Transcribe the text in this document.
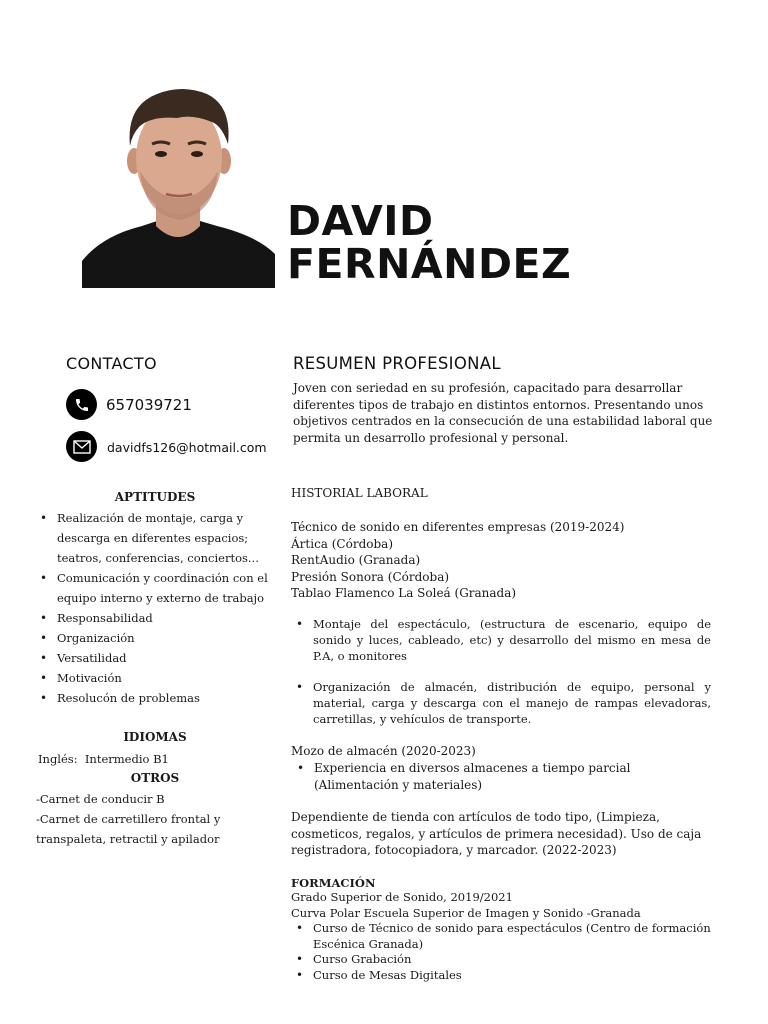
DAVID
FERNÁNDEZ
CONTACTO
657039721
davidfs126@hotmail.com
APTITUDES
• Realización de montaje, carga y descarga en diferentes espacios; teatros, conferencias, conciertos...
• Comunicación y coordinación con el equipo interno y externo de trabajo
• Responsabilidad
• Organización
• Versatilidad
• Motivación
• Resolucón de problemas
IDIOMAS
Inglés:  Intermedio B1
OTROS
-Carnet de conducir B
-Carnet de carretillero frontal y transpaleta, retractil y apilador
RESUMEN PROFESIONAL
Joven con seriedad en su profesión, capacitado para desarrollar diferentes tipos de trabajo en distintos entornos. Presentando unos objetivos centrados en la consecución de una estabilidad laboral que permita un desarrollo profesional y personal.
HISTORIAL LABORAL
Técnico de sonido en diferentes empresas (2019-2024)
Ártica (Córdoba)
RentAudio (Granada)
Presión Sonora (Córdoba)
Tablao Flamenco La Soleá (Granada)
• Montaje del espectáculo, (estructura de escenario, equipo de sonido y luces, cableado, etc) y desarrollo del mismo en mesa de P.A, o monitores
• Organización de almacén, distribución de equipo, personal y material, carga y descarga con el manejo de rampas elevadoras, carretillas, y vehículos de transporte.
Mozo de almacén (2020-2023)
• Experiencia en diversos almacenes a tiempo parcial (Alimentación y materiales)
Dependiente de tienda con artículos de todo tipo, (Limpieza, cosmeticos, regalos, y artículos de primera necesidad). Uso de caja registradora, fotocopiadora, y marcador. (2022-2023)
FORMACIÓN
Grado Superior de Sonido, 2019/2021
Curva Polar Escuela Superior de Imagen y Sonido -Granada
• Curso de Técnico de sonido para espectáculos (Centro de formación Escénica Granada)
• Curso Grabación
• Curso de Mesas Digitales
